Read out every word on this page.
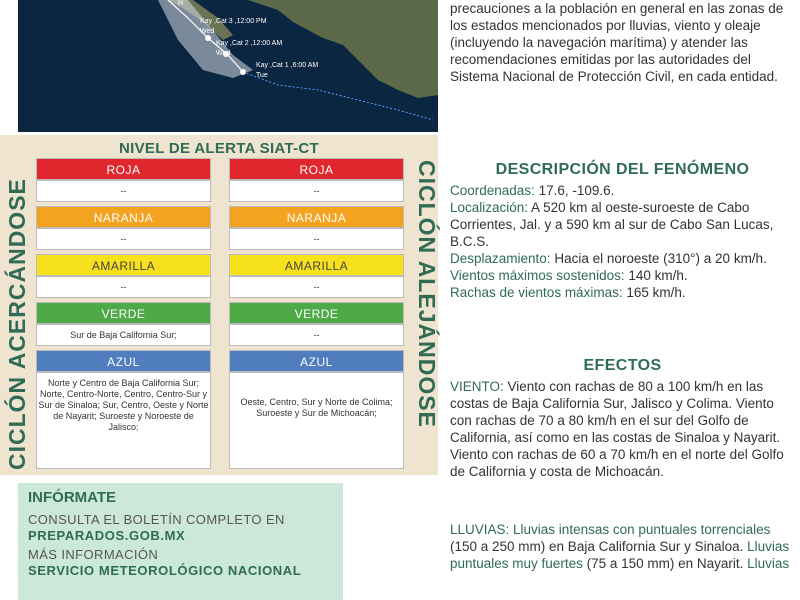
H
Kay ,Cat 3 ,12:00 PM
Wed
Kay ,Cat 2 ,12:00 AM
Wed
Kay ,Cat 1 ,6:00 AM
Tue
NIVEL DE ALERTA SIAT-CT
ROJA
--
NARANJA
--
AMARILLA
--
VERDE
Sur de Baja California Sur;
AZUL
Norte y Centro de Baja California Sur; Norte, Centro-Norte, Centro, Centro-Sur y Sur de Sinaloa; Sur, Centro, Oeste y Norte de Nayarit; Suroeste y Noroeste de Jalisco;
ROJA
--
NARANJA
--
AMARILLA
--
VERDE
--
AZUL
Oeste, Centro, Sur y Norte de Colima; Suroeste y Sur de Michoacán;
CICLÓN ACERCÁNDOSE	CICLÓN ALEJÁNDOSE
INFÓRMATE
CONSULTA EL BOLETÍN COMPLETO EN
PREPARADOS.GOB.MX
MÁS INFORMACIÓN
SERVICIO METEOROLÓGICO NACIONAL
precauciones a la población en general en las zonas de los estados mencionados por lluvias, viento y oleaje (incluyendo la navegación marítima) y atender las recomendaciones emitidas por las autoridades del Sistema Nacional de Protección Civil, en cada entidad.
DESCRIPCIÓN DEL FENÓMENO
Coordenadas: 17.6, -109.6.
Localización: A 520 km al oeste-suroeste de Cabo Corrientes, Jal. y a 590 km al sur de Cabo San Lucas, B.C.S.
Desplazamiento: Hacia el noroeste (310°) a 20 km/h.
Vientos máximos sostenidos: 140 km/h.
Rachas de vientos máximas: 165 km/h.
EFECTOS
VIENTO: Viento con rachas de 80 a 100 km/h en las costas de Baja California Sur, Jalisco y Colima. Viento con rachas de 70 a 80 km/h en el sur del Golfo de California, así como en las costas de Sinaloa y Nayarit. Viento con rachas de 60 a 70 km/h en el norte del Golfo de California y costa de Michoacán.
LLUVIAS: Lluvias intensas con puntuales torrenciales (150 a 250 mm) en Baja California Sur y Sinaloa. Lluvias puntuales muy fuertes (75 a 150 mm) en Nayarit. Lluvias
